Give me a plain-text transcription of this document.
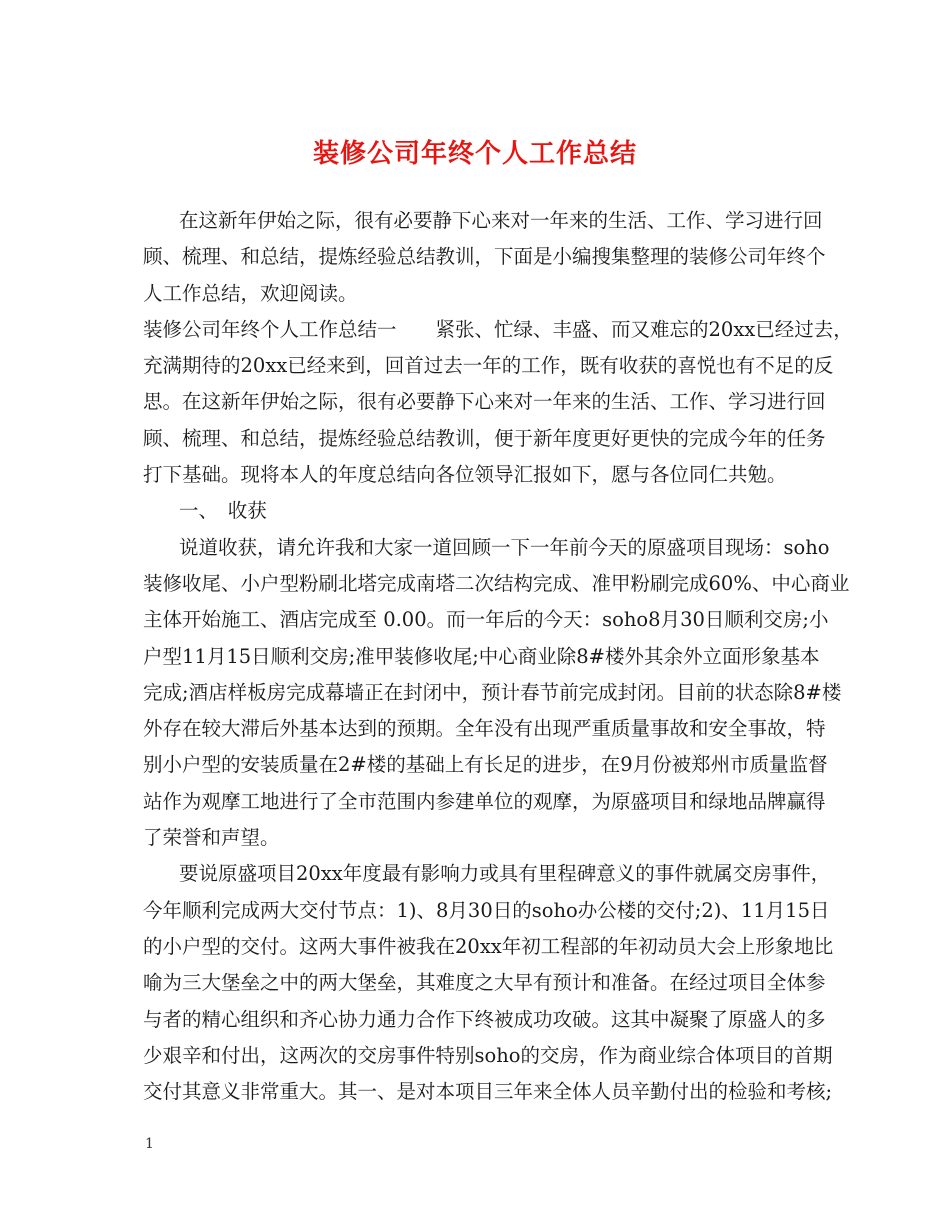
装修公司年终个人工作总结
在这新年伊始之际，很有必要静下心来对一年来的生活、工作、学习进行回
顾、梳理、和总结，提炼经验总结教训，下面是小编搜集整理的装修公司年终个
人工作总结，欢迎阅读。
装修公司年终个人工作总结一　　紧张、忙绿、丰盛、而又难忘的20xx已经过去，
充满期待的20xx已经来到，回首过去一年的工作，既有收获的喜悦也有不足的反
思。在这新年伊始之际，很有必要静下心来对一年来的生活、工作、学习进行回
顾、梳理、和总结，提炼经验总结教训，便于新年度更好更快的完成今年的任务
打下基础。现将本人的年度总结向各位领导汇报如下，愿与各位同仁共勉。
一、　收获
说道收获，请允许我和大家一道回顾一下一年前今天的原盛项目现场：soho
装修收尾、小户型粉刷北塔完成南塔二次结构完成、准甲粉刷完成60%、中心商业
主体开始施工、酒店完成至 0.00。而一年后的今天：soho8月30日顺利交房;小
户型11月15日顺利交房;准甲装修收尾;中心商业除8#楼外其余外立面形象基本
完成;酒店样板房完成幕墙正在封闭中，预计春节前完成封闭。目前的状态除8#楼
外存在较大滞后外基本达到的预期。全年没有出现严重质量事故和安全事故，特
别小户型的安装质量在2#楼的基础上有长足的进步，在9月份被郑州市质量监督
站作为观摩工地进行了全市范围内参建单位的观摩，为原盛项目和绿地品牌赢得
了荣誉和声望。
要说原盛项目20xx年度最有影响力或具有里程碑意义的事件就属交房事件，
今年顺利完成两大交付节点：1)、8月30日的soho办公楼的交付;2)、11月15日
的小户型的交付。这两大事件被我在20xx年初工程部的年初动员大会上形象地比
喻为三大堡垒之中的两大堡垒，其难度之大早有预计和准备。在经过项目全体参
与者的精心组织和齐心协力通力合作下终被成功攻破。这其中凝聚了原盛人的多
少艰辛和付出，这两次的交房事件特别soho的交房，作为商业综合体项目的首期
交付其意义非常重大。其一、是对本项目三年来全体人员辛勤付出的检验和考核;
1
